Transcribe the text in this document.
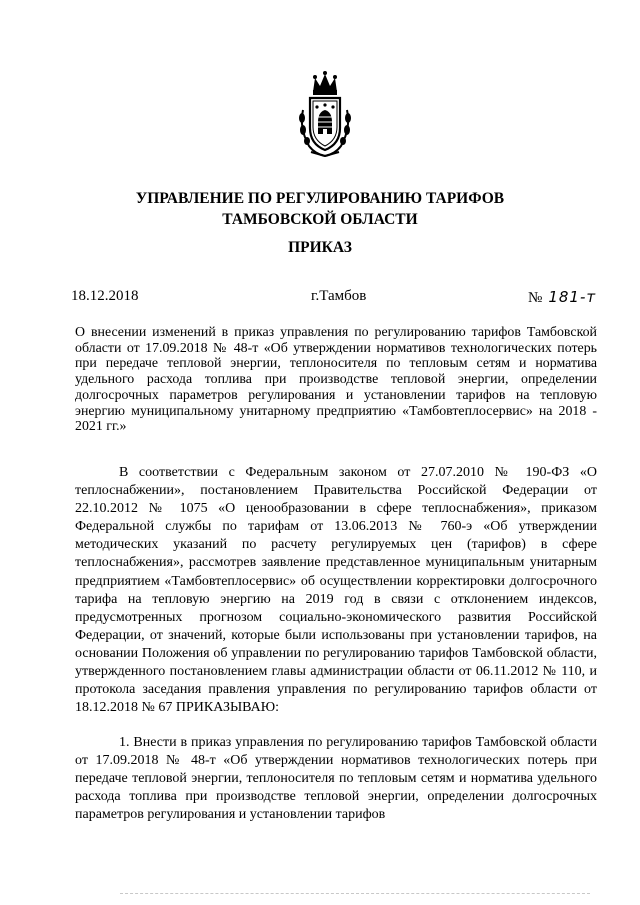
УПРАВЛЕНИЕ ПО РЕГУЛИРОВАНИЮ ТАРИФОВ
ТАМБОВСКОЙ ОБЛАСТИ
ПРИКАЗ
18.12.2018	г.Тамбов	№ 181-т
О внесении изменений в приказ управления по регулированию тарифов Тамбовской области от 17.09.2018 № 48-т «Об утверждении нормативов технологических потерь при передаче тепловой энергии, теплоносителя по тепловым сетям и норматива удельного расхода топлива при производстве тепловой энергии, определении долгосрочных параметров регулирования и установлении тарифов на тепловую энергию муниципальному унитарному предприятию «Тамбовтеплосервис» на 2018 - 2021 гг.»

В соответствии с Федеральным законом от 27.07.2010 № 190-ФЗ «О теплоснабжении», постановлением Правительства Российской Федерации от 22.10.2012 № 1075 «О ценообразовании в сфере теплоснабжения», приказом Федеральной службы по тарифам от 13.06.2013 № 760-э «Об утверждении методических указаний по расчету регулируемых цен (тарифов) в сфере теплоснабжения», рассмотрев заявление представленное муниципальным унитарным предприятием «Тамбовтеплосервис» об осуществлении корректировки долгосрочного тарифа на тепловую энергию на 2019 год в связи с отклонением индексов, предусмотренных прогнозом социально-экономического развития Российской Федерации, от значений, которые были использованы при установлении тарифов, на основании Положения об управлении по регулированию тарифов Тамбовской области, утвержденного постановлением главы администрации области от 06.11.2012 № 110, и протокола заседания правления управления по регулированию тарифов области от 18.12.2018 № 67 ПРИКАЗЫВАЮ:

1. Внести в приказ управления по регулированию тарифов Тамбовской области от 17.09.2018 № 48-т «Об утверждении нормативов технологических потерь при передаче тепловой энергии, теплоносителя по тепловым сетям и норматива удельного расхода топлива при производстве тепловой энергии, определении долгосрочных параметров регулирования и установлении тарифов
